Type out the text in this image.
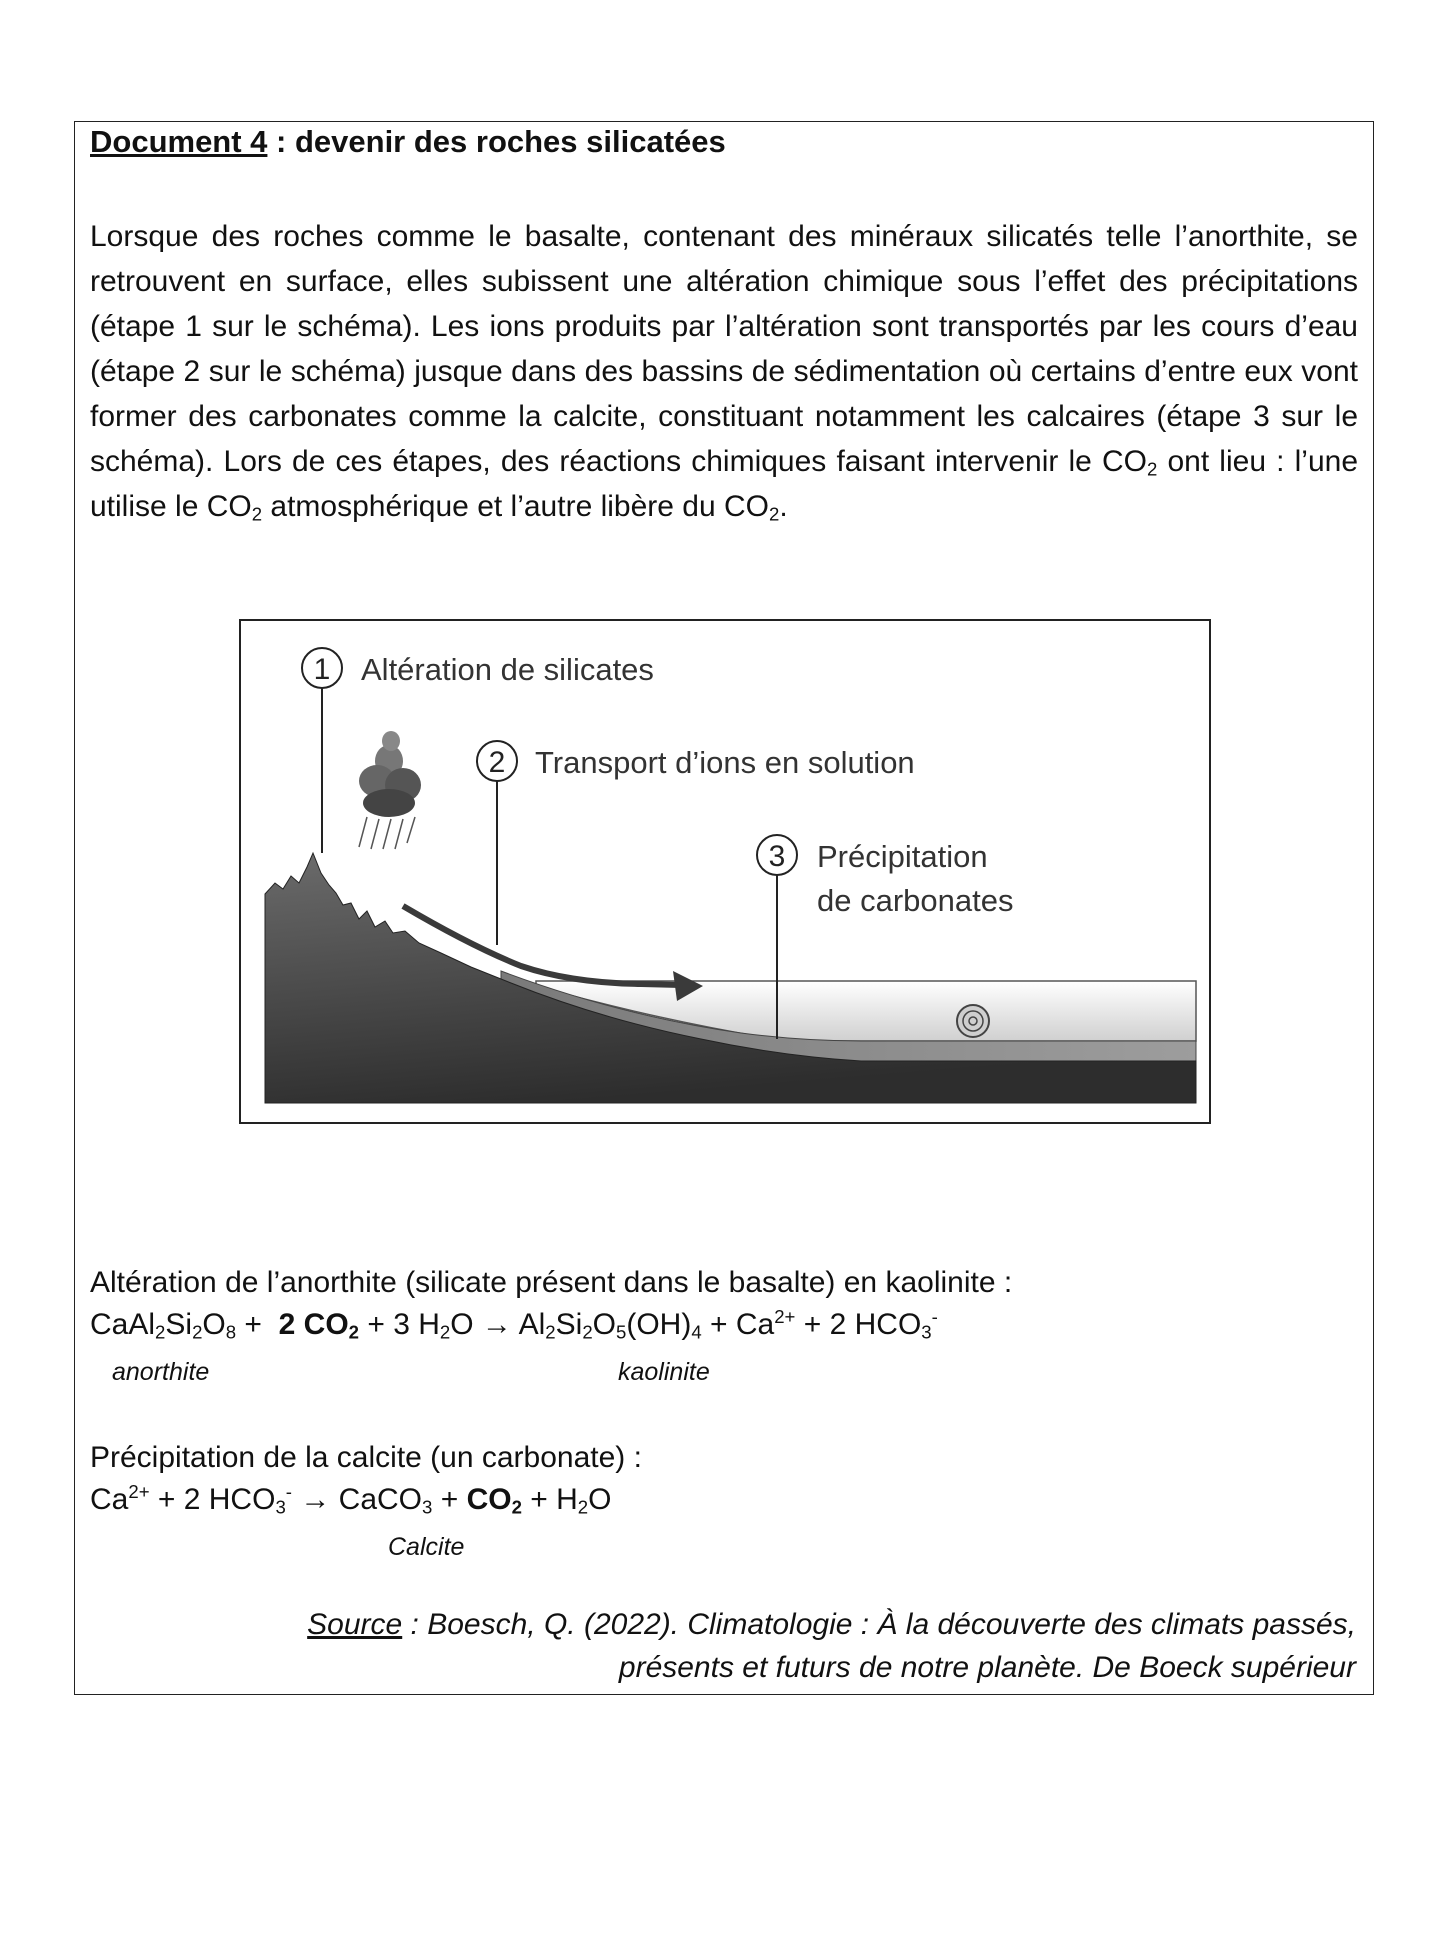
Document 4 : devenir des roches silicatées
Lorsque des roches comme le basalte, contenant des minéraux silicatés telle l’anorthite, se retrouvent en surface, elles subissent une altération chimique sous l’effet des précipitations (étape 1 sur le schéma). Les ions produits par l’altération sont transportés par les cours d’eau (étape 2 sur le schéma) jusque dans des bassins de sédimentation où certains d’entre eux vont former des carbonates comme la calcite, constituant notamment les calcaires (étape 3 sur le schéma). Lors de ces étapes, des réactions chimiques faisant intervenir le $CO_2$ ont lieu : l’une utilise le $CO_2$ atmosphérique et l’autre libère du $CO_2$.
1 Altération de silicates
2 Transport d’ions en solution
3 Précipitation
de carbonates
Altération de l’anorthite (silicate présent dans le basalte) en kaolinite :
$CaAl_2Si_2O_8 + 2$ $CO_2 + 3$ $H_2O \to Al_2Si_2O_5(OH)_4 + Ca^{2+} + 2$ $HCO_3^-$
anorthite	kaolinite
Précipitation de la calcite (un carbonate) :
$Ca^{2+} + 2$ $HCO_3^-$ → CaCO$_3$ + $CO_2 + H_2O$
Calcite
Source : Boesch, Q. (2022). Climatologie : À la découverte des climats passés,
présents et futurs de notre planète. De Boeck supérieur
